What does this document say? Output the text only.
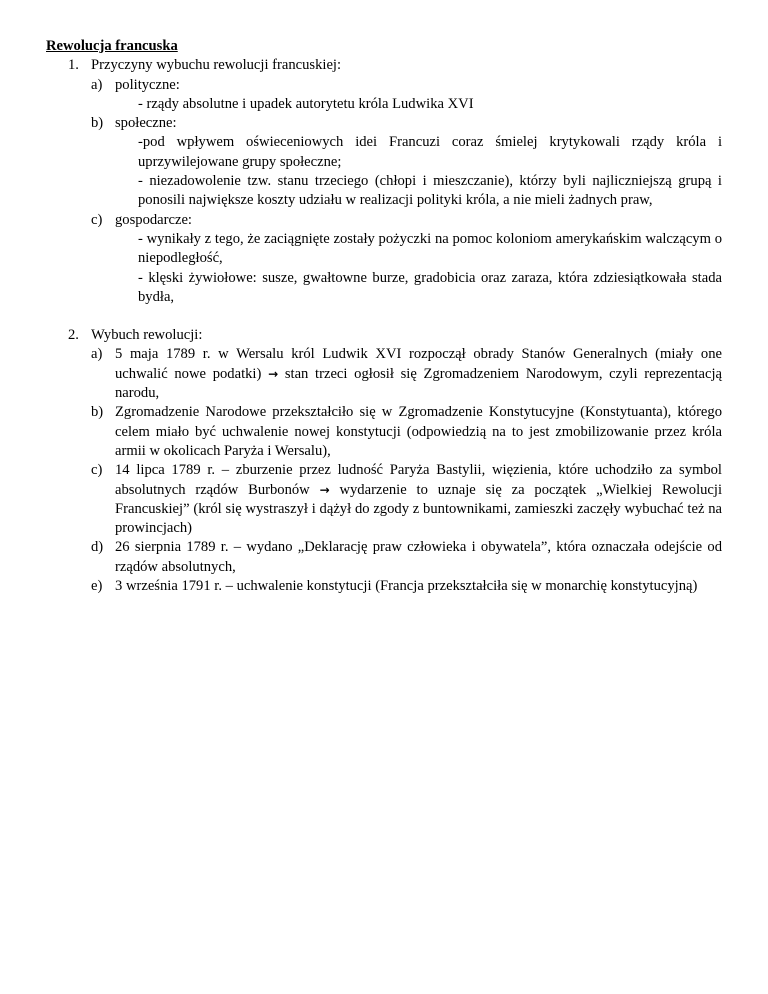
Rewolucja francuska
1. Przyczyny wybuchu rewolucji francuskiej:
a) polityczne:

- rządy absolutne i upadek autorytetu króla Ludwika XVI

b) społeczne:

-pod wpływem oświeceniowych idei Francuzi coraz śmielej krytykowali rządy króla i uprzywilejowane grupy społeczne;

- niezadowolenie tzw. stanu trzeciego (chłopi i mieszczanie), którzy byli najliczniejszą grupą i ponosili największe koszty udziału w realizacji polityki króla, a nie mieli żadnych praw,

c) gospodarcze:

- wynikały z tego, że zaciągnięte zostały pożyczki na pomoc koloniom amerykańskim walczącym o niepodległość,

- klęski żywiołowe: susze, gwałtowne burze, gradobicia oraz zaraza, która zdziesiątkowała stada bydła,

2. Wybuch rewolucji:
a) 5 maja 1789 r. w Wersalu król Ludwik XVI rozpoczął obrady Stanów Generalnych (miały one uchwalić nowe podatki) → stan trzeci ogłosił się Zgromadzeniem Narodowym, czyli reprezentacją narodu,

b) Zgromadzenie Narodowe przekształciło się w Zgromadzenie Konstytucyjne (Konstytuanta), którego celem miało być uchwalenie nowej konstytucji (odpowiedzią na to jest zmobilizowanie przez króla armii w okolicach Paryża i Wersalu),

c) 14 lipca 1789 r. – zburzenie przez ludność Paryża Bastylii, więzienia, które uchodziło za symbol absolutnych rządów Burbonów → wydarzenie to uznaje się za początek „Wielkiej Rewolucji Francuskiej” (król się wystraszył i dążył do zgody z buntownikami, zamieszki zaczęły wybuchać też na prowincjach)

d) 26 sierpnia 1789 r. – wydano „Deklarację praw człowieka i obywatela”, która oznaczała odejście od rządów absolutnych,

e) 3 września 1791 r. – uchwalenie konstytucji (Francja przekształciła się w monarchię konstytucyjną)
